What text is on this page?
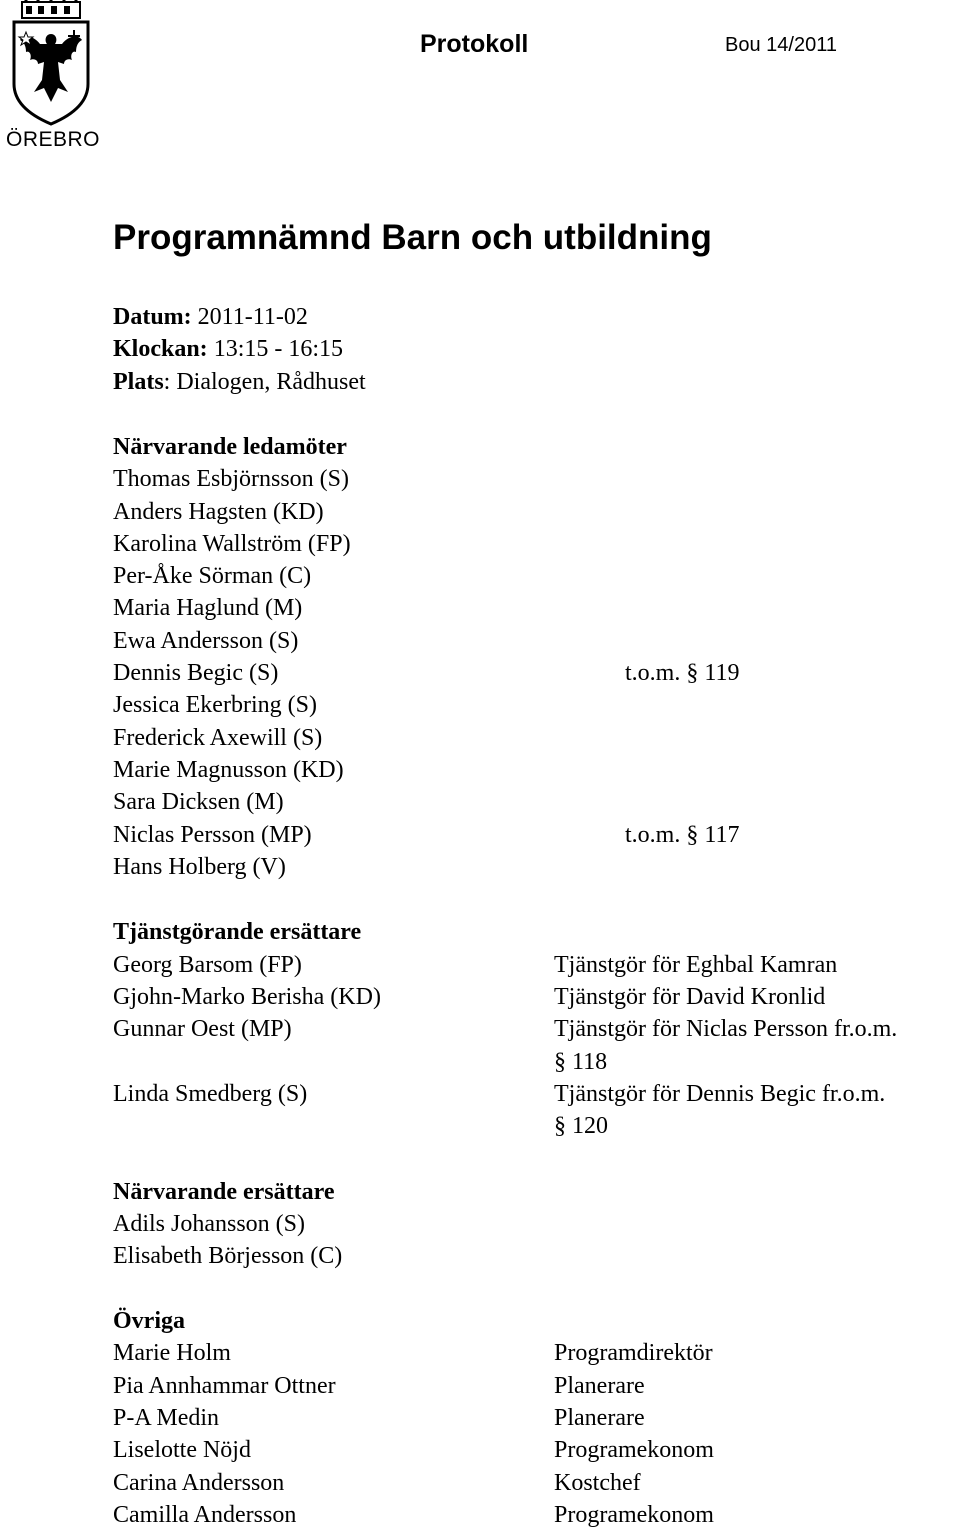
ÖREBRO
Protokoll	Bou 14/2011
Programnämnd Barn och utbildning
Datum: 2011-11-02
Klockan: 13:15 - 16:15
Plats: Dialogen, Rådhuset
Närvarande ledamöter
Thomas Esbjörnsson (S)
Anders Hagsten (KD)
Karolina Wallström (FP)
Per-Åke Sörman (C)
Maria Haglund (M)
Ewa Andersson (S)
Dennis Begic (S)	t.o.m. § 119
Jessica Ekerbring (S)
Frederick Axewill (S)
Marie Magnusson (KD)
Sara Dicksen (M)
Niclas Persson (MP)	t.o.m. § 117
Hans Holberg (V)
Tjänstgörande ersättare
Georg Barsom (FP)	Tjänstgör för Eghbal Kamran
Gjohn-Marko Berisha (KD)	Tjänstgör för David Kronlid
Gunnar Oest (MP)	Tjänstgör för Niclas Persson fr.o.m.
§ 118
Linda Smedberg (S)	Tjänstgör för Dennis Begic fr.o.m.
§ 120
Närvarande ersättare
Adils Johansson (S)
Elisabeth Börjesson (C)
Övriga
Marie Holm	Programdirektör
Pia Annhammar Ottner	Planerare
P-A Medin	Planerare
Liselotte Nöjd	Programekonom
Carina Andersson	Kostchef
Camilla Andersson	Programekonom
